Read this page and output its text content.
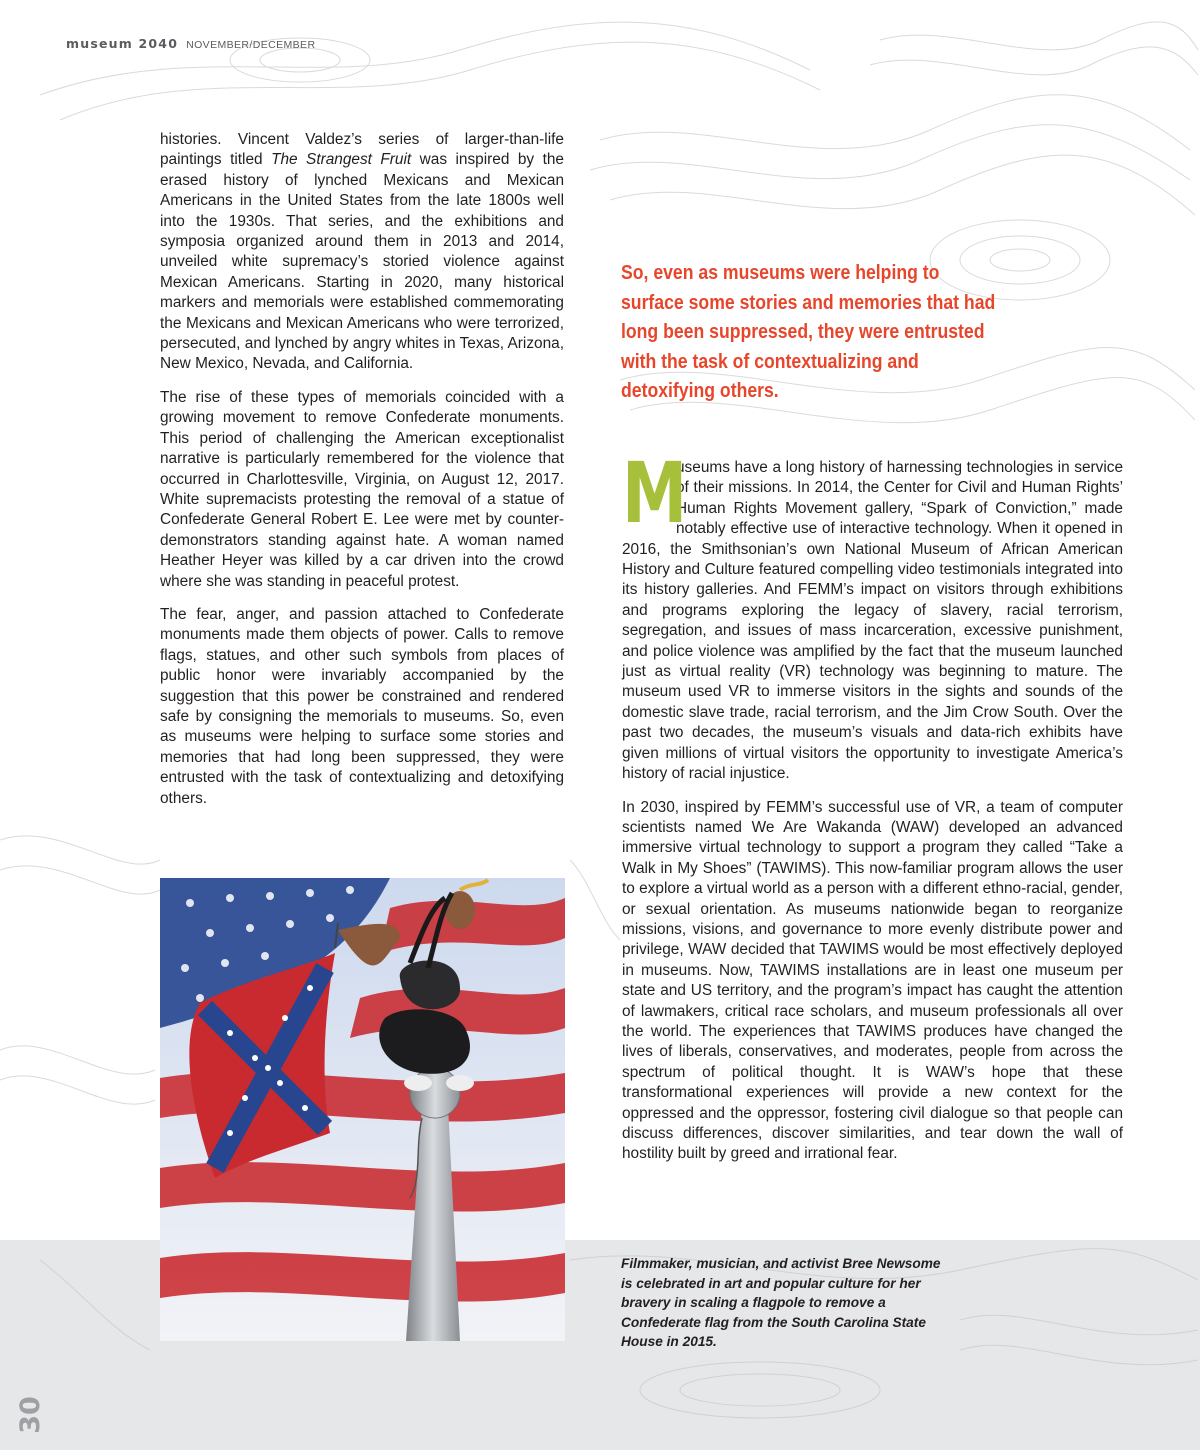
museum 2040 NOVEMBER/DECEMBER

histories. Vincent Valdez’s series of larger-than-life paintings titled The Strangest Fruit was inspired by the erased history of lynched Mexicans and Mexican Americans in the United States from the late 1800s well into the 1930s. That series, and the exhibitions and symposia organized around them in 2013 and 2014, unveiled white supremacy’s storied violence against Mexican Americans. Starting in 2020, many historical markers and memorials were established commemorating the Mexicans and Mexican Americans who were terrorized, persecuted, and lynched by angry whites in Texas, Arizona, New Mexico, Nevada, and California.

The rise of these types of memorials coincided with a growing movement to remove Confederate monuments. This period of challenging the American exceptionalist narrative is particularly remembered for the violence that occurred in Charlottesville, Virginia, on August 12, 2017. White supremacists protesting the removal of a statue of Confederate General Robert E. Lee were met by counter-demonstrators standing against hate. A woman named Heather Heyer was killed by a car driven into the crowd where she was standing in peaceful protest.

The fear, anger, and passion attached to Confederate monuments made them objects of power. Calls to remove flags, statues, and other such symbols from places of public honor were invariably accompanied by the suggestion that this power be constrained and rendered safe by consigning the memorials to museums. So, even as museums were helping to surface some stories and memories that had long been suppressed, they were entrusted with the task of contextualizing and detoxifying others.

So, even as museums were helping to surface some stories and memories that had long been suppressed, they were entrusted with the task of contextualizing and detoxifying others.

M
useums have a long history of harnessing technologies in service of their missions. In 2014, the Center for Civil and Human Rights’ Human Rights Movement gallery, “Spark of Conviction,” made notably effective use of interactive technology. When it opened in 2016, the Smithsonian’s own National Museum of African American History and Culture featured compelling video testimonials integrated into its history galleries. And FEMM’s impact on visitors through exhibitions and programs exploring the legacy of slavery, racial terrorism, segregation, and issues of mass incarceration, excessive punishment, and police violence was amplified by the fact that the museum launched just as virtual reality (VR) technology was beginning to mature. The museum used VR to immerse visitors in the sights and sounds of the domestic slave trade, racial terrorism, and the Jim Crow South. Over the past two decades, the museum’s visuals and data-rich exhibits have given millions of virtual visitors the opportunity to investigate America’s history of racial injustice.

In 2030, inspired by FEMM’s successful use of VR, a team of computer scientists named We Are Wakanda (WAW) developed an advanced immersive virtual technology to support a program they called “Take a Walk in My Shoes” (TAWIMS). This now-familiar program allows the user to explore a virtual world as a person with a different ethno-racial, gender, or sexual orientation. As museums nationwide began to reorganize missions, visions, and governance to more evenly distribute power and privilege, WAW decided that TAWIMS would be most effectively deployed in museums. Now, TAWIMS installations are in least one museum per state and US territory, and the program’s impact has caught the attention of lawmakers, critical race scholars, and museum professionals all over the world. The experiences that TAWIMS produces have changed the lives of liberals, conservatives, and moderates, people from across the spectrum of political thought. It is WAW’s hope that these transformational experiences will provide a new context for the oppressed and the oppressor, fostering civil dialogue so that people can discuss differences, discover similarities, and tear down the wall of hostility built by greed and irrational fear.

Filmmaker, musician, and activist Bree Newsome is celebrated in art and popular culture for her bravery in scaling a flagpole to remove a Confederate flag from the South Carolina State House in 2015.
30
